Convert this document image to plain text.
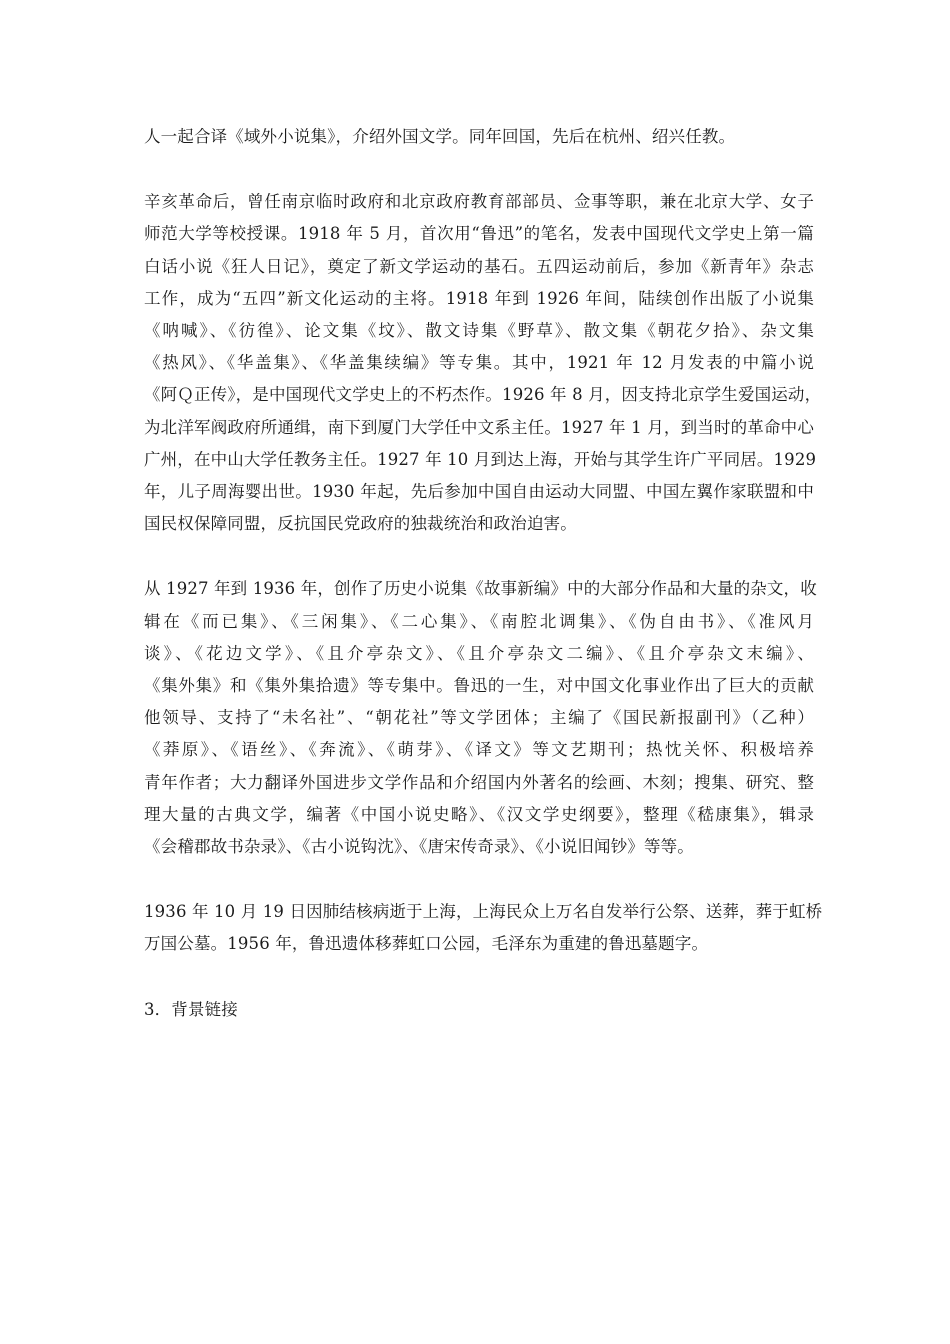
人一起合译《域外小说集》，介绍外国文学。同年回国，先后在杭州、绍兴任教。

辛亥革命后，曾任南京临时政府和北京政府教育部部员、佥事等职，兼在北京大学、女子

师范大学等校授课。1918 年 5 月，首次用“鲁迅”的笔名，发表中国现代文学史上第一篇

白话小说《狂人日记》，奠定了新文学运动的基石。五四运动前后，参加《新青年》杂志

工作，成为“五四”新文化运动的主将。1918 年到 1926 年间，陆续创作出版了小说集

《呐喊》、《彷徨》、论文集《坟》、散文诗集《野草》、散文集《朝花夕拾》、杂文集

《热风》、《华盖集》、《华盖集续编》等专集。其中，1921 年 12 月发表的中篇小说

《阿Ｑ正传》，是中国现代文学史上的不朽杰作。1926 年 8 月，因支持北京学生爱国运动，

为北洋军阀政府所通缉，南下到厦门大学任中文系主任。1927 年 1 月，到当时的革命中心

广州，在中山大学任教务主任。1927 年 10 月到达上海，开始与其学生许广平同居。1929

年，儿子周海婴出世。1930 年起，先后参加中国自由运动大同盟、中国左翼作家联盟和中

国民权保障同盟，反抗国民党政府的独裁统治和政治迫害。

从 1927 年到 1936 年，创作了历史小说集《故事新编》中的大部分作品和大量的杂文，收

辑在《而已集》、《三闲集》、《二心集》、《南腔北调集》、《伪自由书》、《准风月

谈》、《花边文学》、《且介亭杂文》、《且介亭杂文二编》、《且介亭杂文末编》、

《集外集》和《集外集拾遗》等专集中。鲁迅的一生，对中国文化事业作出了巨大的贡献

他领导、支持了“未名社”、“朝花社”等文学团体；主编了《国民新报副刊》（乙种）

《莽原》、《语丝》、《奔流》、《萌芽》、《译文》等文艺期刊；热忱关怀、积极培养

青年作者；大力翻译外国进步文学作品和介绍国内外著名的绘画、木刻；搜集、研究、整

理大量的古典文学，编著《中国小说史略》、《汉文学史纲要》，整理《嵇康集》，辑录

《会稽郡故书杂录》、《古小说钩沈》、《唐宋传奇录》、《小说旧闻钞》等等。

1936 年 10 月 19 日因肺结核病逝于上海，上海民众上万名自发举行公祭、送葬，葬于虹桥

万国公墓。1956 年，鲁迅遗体移葬虹口公园，毛泽东为重建的鲁迅墓题字。

3．背景链接
